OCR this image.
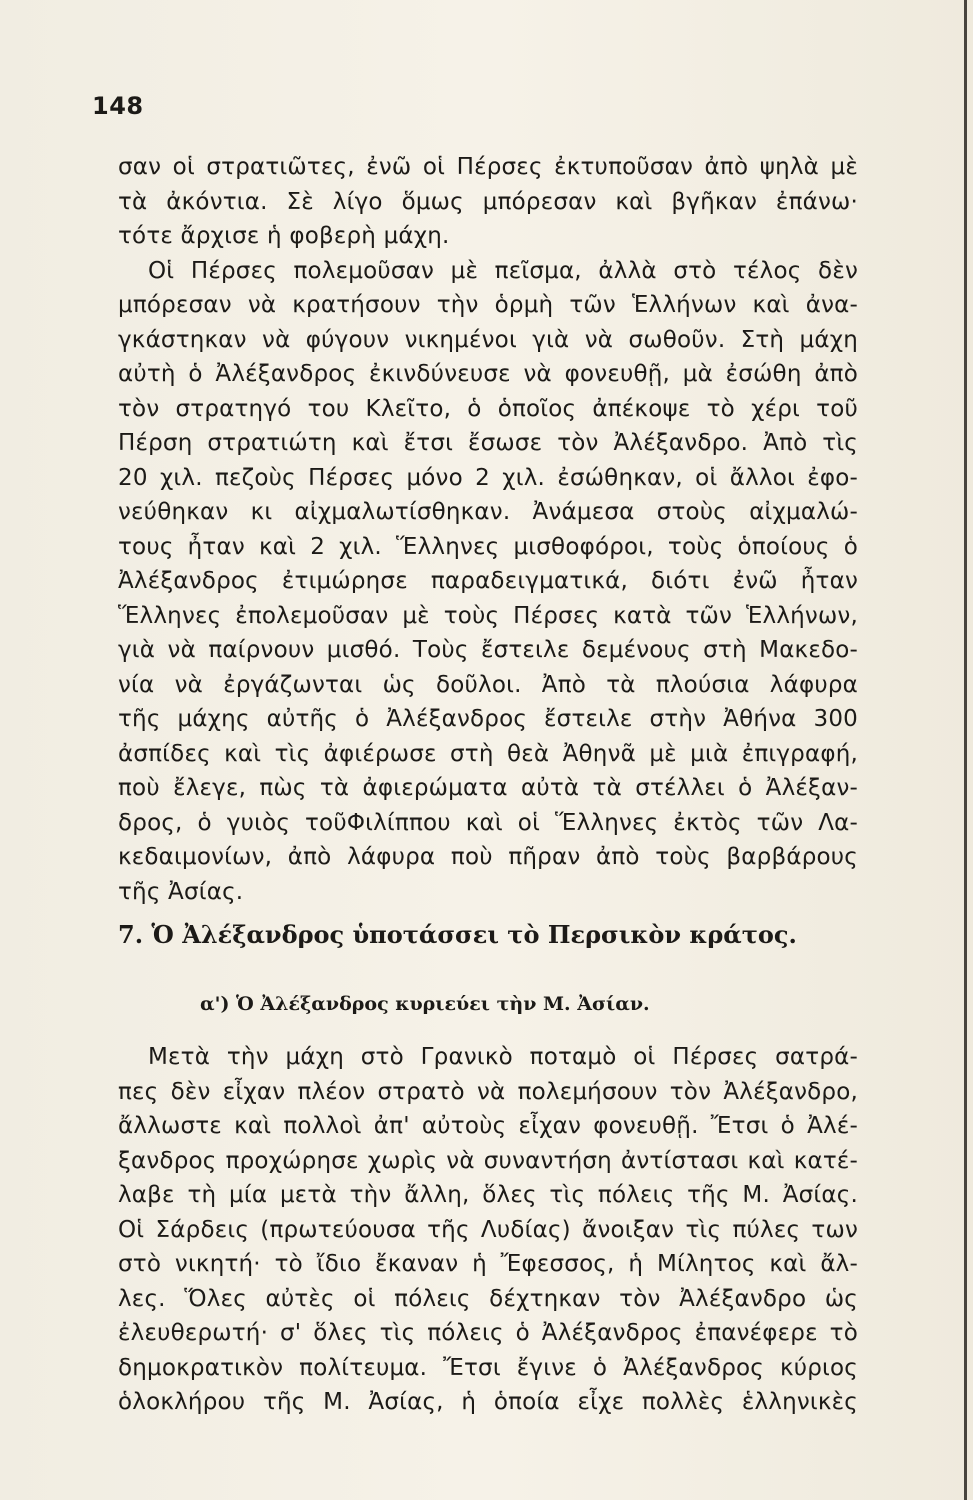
148
σαν οἱ στρατιῶτες, ἐνῶ οἱ Πέρσες ἐκτυποῦσαν ἀπὸ ψηλὰ μὲ
τὰ ἀκόντια. Σὲ λίγο ὅμως μπόρεσαν καὶ βγῆκαν ἐπάνω·
τότε ἄρχισε ἡ φοβερὴ μάχη.
Οἱ Πέρσες πολεμοῦσαν μὲ πεῖσμα, ἀλλὰ στὸ τέλος δὲν
μπόρεσαν νὰ κρατήσουν τὴν ὁρμὴ τῶν Ἑλλήνων καὶ ἀνα-
γκάστηκαν νὰ φύγουν νικημένοι γιὰ νὰ σωθοῦν. Στὴ μάχη
αὐτὴ ὁ Ἀλέξανδρος ἐκινδύνευσε νὰ φονευθῇ, μὰ ἐσώθη ἀπὸ
τὸν στρατηγό του Κλεῖτο, ὁ ὁποῖος ἀπέκοψε τὸ χέρι τοῦ
Πέρση στρατιώτη καὶ ἔτσι ἔσωσε τὸν Ἀλέξανδρο. Ἀπὸ τὶς
20 χιλ. πεζοὺς Πέρσες μόνο 2 χιλ. ἐσώθηκαν, οἱ ἄλλοι ἐφο-
νεύθηκαν κι αἰχμαλωτίσθηκαν. Ἀνάμεσα στοὺς αἰχμαλώ-
τους ἦταν καὶ 2 χιλ. Ἕλληνες μισθοφόροι, τοὺς ὁποίους ὁ
Ἀλέξανδρος ἐτιμώρησε παραδειγματικά, διότι ἐνῶ ἦταν
Ἕλληνες ἐπολεμοῦσαν μὲ τοὺς Πέρσες κατὰ τῶν Ἑλλήνων,
γιὰ νὰ παίρνουν μισθό. Τοὺς ἔστειλε δεμένους στὴ Μακεδο-
νία νὰ ἐργάζωνται ὡς δοῦλοι. Ἀπὸ τὰ πλούσια λάφυρα
τῆς μάχης αὐτῆς ὁ Ἀλέξανδρος ἔστειλε στὴν Ἀθήνα 300
ἀσπίδες καὶ τὶς ἀφιέρωσε στὴ θεὰ Ἀθηνᾶ μὲ μιὰ ἐπιγραφή,
ποὺ ἔλεγε, πὼς τὰ ἀφιερώματα αὐτὰ τὰ στέλλει ὁ Ἀλέξαν-
δρος, ὁ γυιὸς τοῦΦιλίππου καὶ οἱ Ἕλληνες ἐκτὸς τῶν Λα-
κεδαιμονίων, ἀπὸ λάφυρα ποὺ πῆραν ἀπὸ τοὺς βαρβάρους
τῆς Ἀσίας.
7. Ὁ Ἀλέξανδρος ὑποτάσσει τὸ Περσικὸν κράτος.
α') Ὁ Ἀλέξανδρος κυριεύει τὴν Μ. Ἀσίαν.
Μετὰ τὴν μάχη στὸ Γρανικὸ ποταμὸ οἱ Πέρσες σατρά-
πες δὲν εἶχαν πλέον στρατὸ νὰ πολεμήσουν τὸν Ἀλέξανδρο,
ἄλλωστε καὶ πολλοὶ ἀπ' αὐτοὺς εἶχαν φονευθῇ. Ἔτσι ὁ Ἀλέ-
ξανδρος προχώρησε χωρὶς νὰ συναντήση ἀντίστασι καὶ κατέ-
λαβε τὴ μία μετὰ τὴν ἄλλη, ὅλες τὶς πόλεις τῆς Μ. Ἀσίας.
Οἱ Σάρδεις (πρωτεύουσα τῆς Λυδίας) ἄνοιξαν τὶς πύλες των
στὸ νικητή· τὸ ἴδιο ἔκαναν ἡ Ἔφεσσος, ἡ Μίλητος καὶ ἄλ-
λες. Ὅλες αὐτὲς οἱ πόλεις δέχτηκαν τὸν Ἀλέξανδρο ὡς
ἐλευθερωτή· σ' ὅλες τὶς πόλεις ὁ Ἀλέξανδρος ἐπανέφερε τὸ
δημοκρατικὸν πολίτευμα. Ἔτσι ἔγινε ὁ Ἀλέξανδρος κύριος
ὁλοκλήρου τῆς Μ. Ἀσίας, ἡ ὁποία εἶχε πολλὲς ἑλληνικὲς
